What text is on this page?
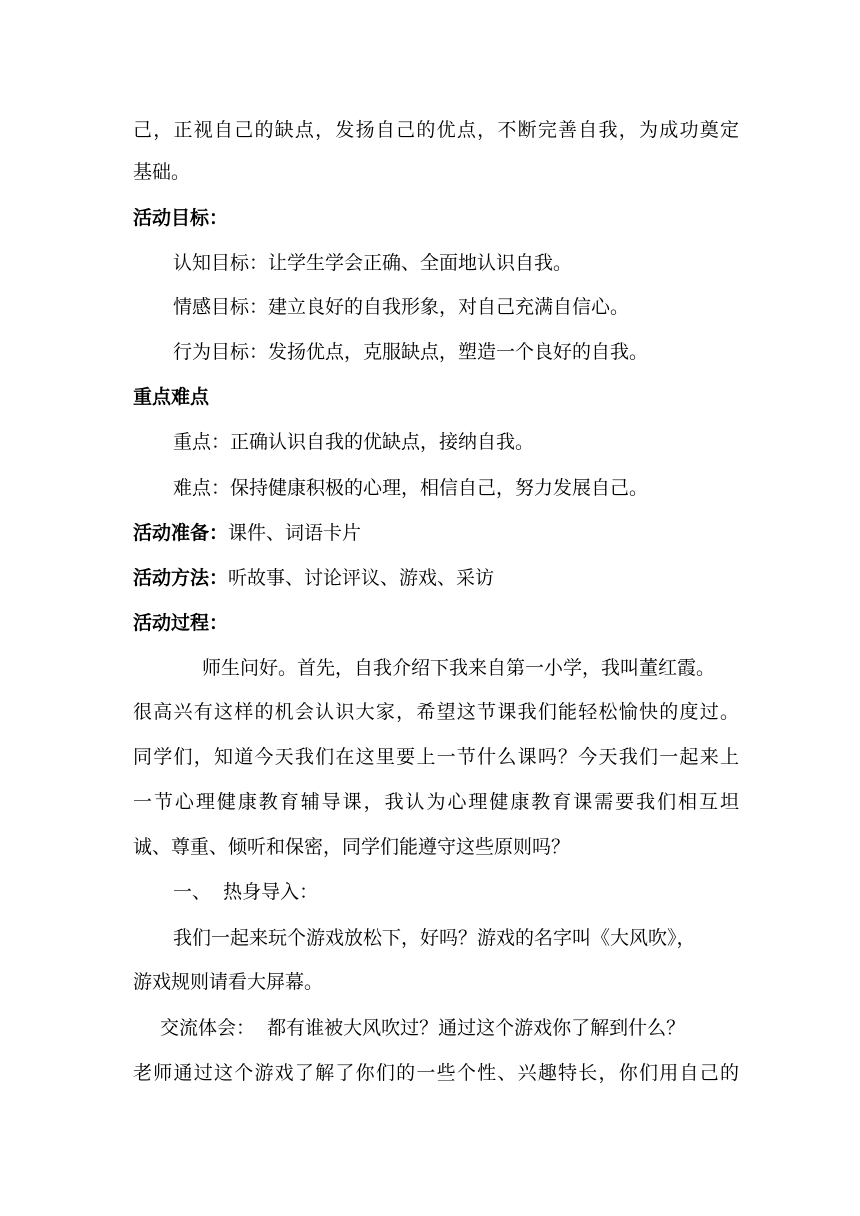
己，正视自己的缺点，发扬自己的优点，不断完善自我，为成功奠定
基础。
活动目标：
认知目标：让学生学会正确、全面地认识自我。
情感目标：建立良好的自我形象，对自己充满自信心。
行为目标：发扬优点，克服缺点，塑造一个良好的自我。
重点难点
重点：正确认识自我的优缺点，接纳自我。
难点：保持健康积极的心理，相信自己，努力发展自己。
活动准备：课件、词语卡片
活动方法：听故事、讨论评议、游戏、采访
活动过程：
师生问好。首先，自我介绍下我来自第一小学，我叫董红霞。
很高兴有这样的机会认识大家，希望这节课我们能轻松愉快的度过。
同学们，知道今天我们在这里要上一节什么课吗？今天我们一起来上
一节心理健康教育辅导课，我认为心理健康教育课需要我们相互坦
诚、尊重、倾听和保密，同学们能遵守这些原则吗？
一、  热身导入：
我们一起来玩个游戏放松下，好吗？游戏的名字叫《大风吹》，
游戏规则请看大屏幕。
交流体会：  都有谁被大风吹过？通过这个游戏你了解到什么？
老师通过这个游戏了解了你们的一些个性、兴趣特长，你们用自己的
